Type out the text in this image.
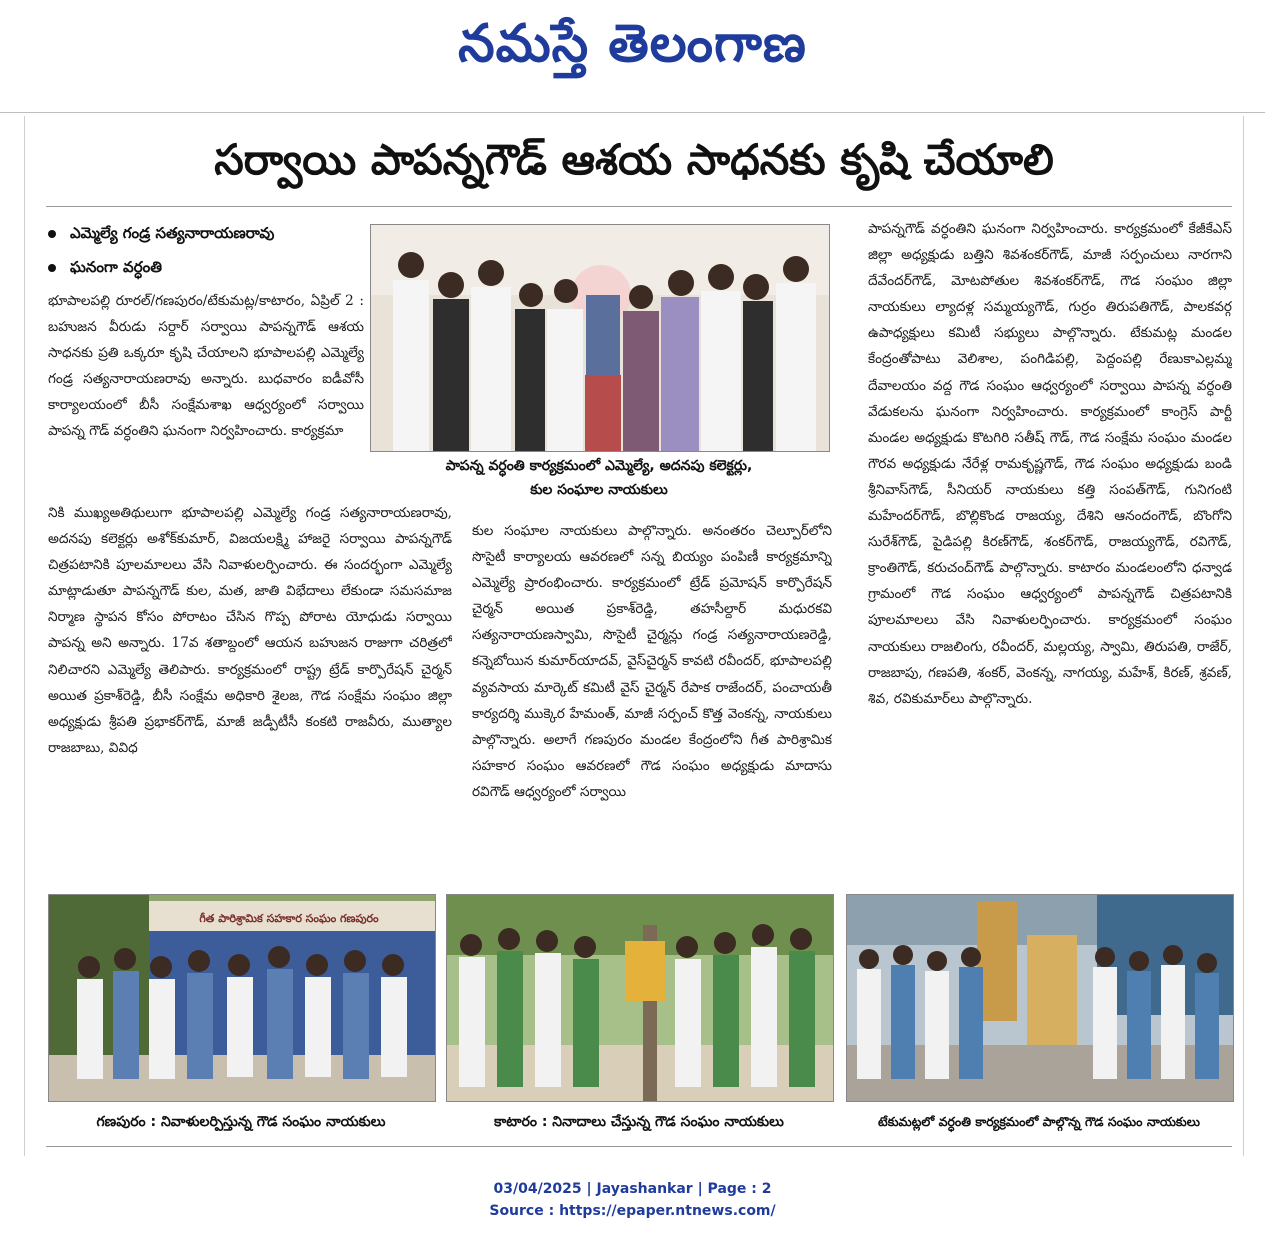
నమస్తే తెలంగాణ
సర్వాయి పాపన్నగౌడ్ ఆశయ సాధనకు కృషి చేయాలి
ఎమ్మెల్యే గండ్ర సత్యనారాయణరావు
ఘనంగా వర్ధంతి

భూపాలపల్లి రూరల్/గణపురం/టేకుమట్ల/కాటారం, ఏప్రిల్ 2 : బహుజన వీరుడు సర్దార్ సర్వాయి పాపన్నగౌడ్ ఆశయ సాధనకు ప్రతి ఒక్కరూ కృషి చేయాలని భూపాలపల్లి ఎమ్మెల్యే గండ్ర సత్యనారాయణరావు అన్నారు. బుధవారం ఐడీవోసీ కార్యాలయంలో బీసీ సంక్షేమశాఖ ఆధ్వర్యంలో సర్వాయి పాపన్న గౌడ్ వర్ధంతిని ఘనంగా నిర్వహించారు. కార్యక్రమా

పాపన్న వర్ధంతి కార్యక్రమంలో ఎమ్మెల్యే, అదనపు కలెక్టర్లు,
కుల సంఘాల నాయకులు

నికి ముఖ్యఅతిథులుగా భూపాలపల్లి ఎమ్మెల్యే గండ్ర సత్యనారాయణరావు, అదనపు కలెక్టర్లు అశోక్‌కుమార్, విజయలక్ష్మి హాజరై సర్వాయి పాపన్నగౌడ్ చిత్రపటానికి పూలమాలలు వేసి నివాళులర్పించారు. ఈ సందర్భంగా ఎమ్మెల్యే మాట్లాడుతూ పాపన్నగౌడ్ కుల, మత, జాతి విభేదాలు లేకుండా సమసమాజ నిర్మాణ స్థాపన కోసం పోరాటం చేసిన గొప్ప పోరాట యోధుడు సర్వాయి పాపన్న అని అన్నారు. 17వ శతాబ్దంలో ఆయన బహుజన రాజుగా చరిత్రలో నిలిచారని ఎమ్మెల్యే తెలిపారు. కార్యక్రమంలో రాష్ట్ర ట్రేడ్ కార్పొరేషన్ చైర్మన్ అయిత ప్రకాశ్‌రెడ్డి, బీసీ సంక్షేమ అధికారి శైలజ, గౌడ సంక్షేమ సంఘం జిల్లా అధ్యక్షుడు శ్రీపతి ప్రభాకర్‌గౌడ్, మాజీ జడ్పీటీసీ కంకటి రాజవీరు, ముత్యాల రాజబాబు, వివిధ

కుల సంఘాల నాయకులు పాల్గొన్నారు. అనంతరం చెల్పూర్‌లోని సొసైటీ కార్యాలయ ఆవరణలో సన్న బియ్యం పంపిణీ కార్యక్రమాన్ని ఎమ్మెల్యే ప్రారంభించారు. కార్యక్రమంలో ట్రేడ్ ప్రమోషన్ కార్పొరేషన్ చైర్మన్ అయిత ప్రకాశ్‌రెడ్డి, తహసీల్దార్ మధురకవి సత్యనారాయణస్వామి, సొసైటీ చైర్మన్లు గండ్ర సత్యనారాయణరెడ్డి, కన్నెబోయిన కుమార్‌యాదవ్, వైస్‌చైర్మన్ కావటి రవీందర్, భూపాలపల్లి వ్యవసాయ మార్కెట్ కమిటీ వైస్ చైర్మన్ రేపాక రాజేందర్, పంచాయతీ కార్యదర్శి ముక్కెర హేమంత్, మాజీ సర్పంచ్ కొత్త వెంకన్న, నాయకులు పాల్గొన్నారు. అలాగే గణపురం మండల కేంద్రంలోని గీత పారిశ్రామిక సహకార సంఘం ఆవరణలో గౌడ సంఘం అధ్యక్షుడు మాదాసు రవిగౌడ్ ఆధ్వర్యంలో సర్వాయి

పాపన్నగౌడ్ వర్ధంతిని ఘనంగా నిర్వహించారు. కార్యక్రమంలో కేజీకేఎస్ జిల్లా అధ్యక్షుడు బత్తిని శివశంకర్‌గౌడ్, మాజీ సర్పంచులు నారగాని దేవేందర్‌గౌడ్, మోటపోతుల శివశంకర్‌గౌడ్, గౌడ సంఘం జిల్లా నాయకులు ల్యాదళ్ల సమ్మయ్యగౌడ్, గుర్రం తిరుపతిగౌడ్, పాలకవర్గ ఉపాధ్యక్షులు కమిటీ సభ్యులు పాల్గొన్నారు. టేకుమట్ల మండల కేంద్రంతోపాటు వెలిశాల, పంగిడిపల్లి, పెద్దంపల్లి రేణుకాఎల్లమ్మ దేవాలయం వద్ద గౌడ సంఘం ఆధ్వర్యంలో సర్వాయి పాపన్న వర్ధంతి వేడుకలను ఘనంగా నిర్వహించారు. కార్యక్రమంలో కాంగ్రెస్ పార్టీ మండల అధ్యక్షుడు కొటగిరి సతీష్ గౌడ్, గౌడ సంక్షేమ సంఘం మండల గౌరవ అధ్యక్షుడు నేరేళ్ల రామకృష్ణగౌడ్, గౌడ సంఘం అధ్యక్షుడు బండి శ్రీనివాస్‌గౌడ్, సీనియర్ నాయకులు కత్తి సంపత్‌గౌడ్, గునిగంటి మహేందర్‌గౌడ్, బొల్లికొండ రాజయ్య, దేశిని ఆనందంగౌడ్, బొంగోని సురేశ్‌గౌడ్, పైడిపల్లి కిరణ్‌గౌడ్, శంకర్‌గౌడ్, రాజయ్యగౌడ్, రవిగౌడ్, క్రాంతిగౌడ్, కరుచంద్‌గౌడ్ పాల్గొన్నారు. కాటారం మండలంలోని ధన్వాడ గ్రామంలో గౌడ సంఘం ఆధ్వర్యంలో పాపన్నగౌడ్ చిత్రపటానికి పూలమాలలు వేసి నివాళులర్పించారు. కార్యక్రమంలో సంఘం నాయకులు రాజలింగు, రవీందర్, మల్లయ్య, స్వామి, తిరుపతి, రాజేర్, రాజబాపు, గణపతి, శంకర్, వెంకన్న, నాగయ్య, మహేశ్, కిరణ్, శ్రవణ్, శివ, రవికుమార్‌లు పాల్గొన్నారు.

గీత పారిశ్రామిక సహకార సంఘం గణపురం
గణపురం : నివాళులర్పిస్తున్న గౌడ సంఘం నాయకులు	కాటారం : నినాదాలు చేస్తున్న గౌడ సంఘం నాయకులు	టేకుమట్లలో వర్ధంతి కార్యక్రమంలో పాల్గొన్న గౌడ సంఘం నాయకులు
03/04/2025 | Jayashankar | Page : 2
Source : https://epaper.ntnews.com/
